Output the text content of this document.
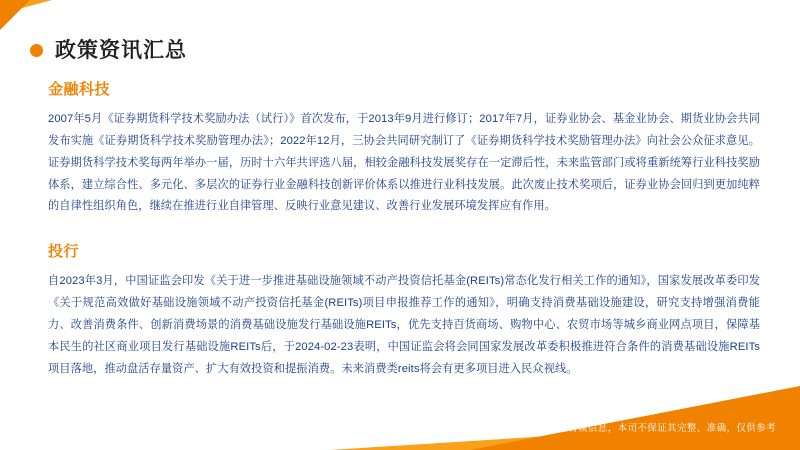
政策资讯汇总
金融科技

2007年5月《证券期货科学技术奖励办法（试行）》首次发布，于2013年9月进行修订；2017年7月，证券业协会、基金业协会、期货业协会共同发布实施《证券期货科学技术奖励管理办法》；2022年12月，三协会共同研究制订了《证券期货科学技术奖励管理办法》向社会公众征求意见。证券期货科学技术奖每两年举办一届，历时十六年共评选八届，相较金融科技发展奖存在一定滞后性，未来监管部门或将重新统筹行业科技奖励体系，建立综合性、多元化、多层次的证券行业金融科技创新评价体系以推进行业科技发展。此次废止技术奖项后，证券业协会回归到更加纯粹的自律性组织角色，继续在推进行业自律管理、反映行业意见建议、改善行业发展环境发挥应有作用。

投行

自2023年3月，中国证监会印发《关于进一步推进基础设施领域不动产投资信托基金(REITs)常态化发行相关工作的通知》，国家发展改革委印发《关于规范高效做好基础设施领域不动产投资信托基金(REITs)项目申报推荐工作的通知》，明确支持消费基础设施建设，研究支持增强消费能力、改善消费条件、创新消费场景的消费基础设施发行基础设施REITs，优先支持百货商场、购物中心、农贸市场等城乡商业网点项目，保障基本民生的社区商业项目发行基础设施REITs后，于2024-02-23表明，中国证监会将会同国家发展改革委积极推进符合条件的消费基础设施REITs项目落地，推动盘活存量资产、扩大有效投资和提振消费。未来消费类reits将会有更多项目进入民众视线。

本资讯基于公开的信息或者本司顾问的访谈信息，本司不保证其完整、准确，仅供参考
